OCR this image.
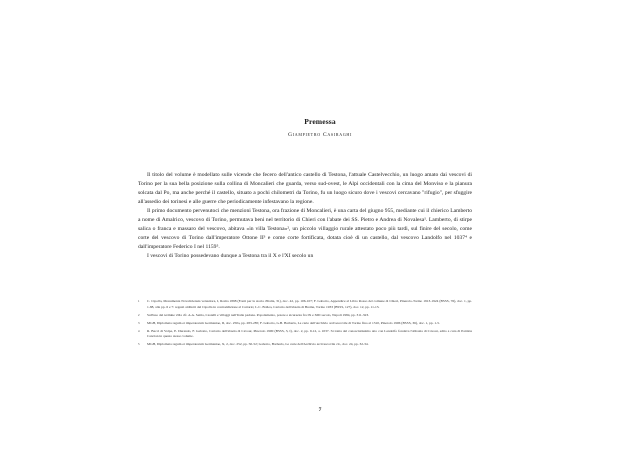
Premessa
Giampietro Casiraghi

Il titolo del volume è modellato sulle vicende che fecero dell'antico castello di Testona, l'attuale Castelvecchio, un luogo amato dai vescovi di Torino per la sua bella posizione sulla collina di Moncalieri che guarda, verso sud-ovest, le Alpi occidentali con la cima del Monviso e la pianura solcata dal Po, ma anche perché il castello, situato a pochi chilometri da Torino, fu un luogo sicuro dove i vescovi cercavano "rifugio", per sfuggire all'assedio dei torinesi e alle guerre che periodicamente infestavano la regione.

Il primo documento pervenutoci che menzioni Testona, ora frazione di Moncalieri, è una carta del giugno 955, mediante cui il chierico Lamberto a nome di Amalrico, vescovo di Torino, permutava beni nel territorio di Chieri con l'abate dei SS. Pietro e Andrea di Novalesa¹. Lamberto, di stirpe salica o franca e massaro del vescovo, abitava «in villa Testona»², un piccolo villaggio rurale attestato poco più tardi, sul finire del secolo, come corte del vescovo di Torino dall'imperatore Ottone II³ e come corte fortificata, dotata cioè di un castello, dal vescovo Landolfo nel 1037⁴ e dall'imperatore Federico I nel 1159⁵.

I vescovi di Torino possedevano dunque a Testona tra il X e l'XI secolo un

1	C. Cipolla, Monumenta Novaliciensia vetustiora, I, Roma 1898 (Fonti per la storia d'Italia, 31), doc. 42, pp. 106-107; F. Gabotto, Appendice al Libro Rosso del comune di Chieri, Pinerolo-Torino 1913-1924 (BSSS, 76), doc. 1, pp. 1-88, alle pp. 6 e 7: regesti aldilotti del Cipolla in contraddizione al Cartario; L.C. Bollea, Cartario dell'abazia di Breme, Torino 1933 (BSSS, 127), doc. 12, pp. 11-13.
2	Sull'uso del termine villa cfr. A.A. Settia, Castelli e villaggi nell'Italia padana. Popolamento, potere e sicurezza fra IX e XIII secolo, Napoli 1984, pp. 311-323.
3	MGH, Diplomata regum et imperatorum Germaniae, II, doc. 250a, pp. 283-285; F. Gabotto, G.B. Barberis, Le carte dell'Archivio arcivescovile di Torino fino al 1310, Pinerolo 1906 (BSSS, 36), doc. 1, pp. 1-5.
4	R. Bacci di Volpe, E. Durando, F. Gabotto, Cartario dell'abazia di Cavour, Pinerolo 1900 (BSSS, 3, I), doc. 2, pp. 9-12, a. 1037. Si tratta del conosciutissimo atto con Landolfo fondava l'abbazia di Cavour, edito a cura di Patrizia Cancian in questo stesso volume.
5	MGH, Diplomata regum et imperatorum Germaniae, X, 2, doc. 252, pp. 50-52; Gabotto, Barberis, Le carte dell'Archivio arcivescovile cit., doc. 24, pp. 32-34.
7
